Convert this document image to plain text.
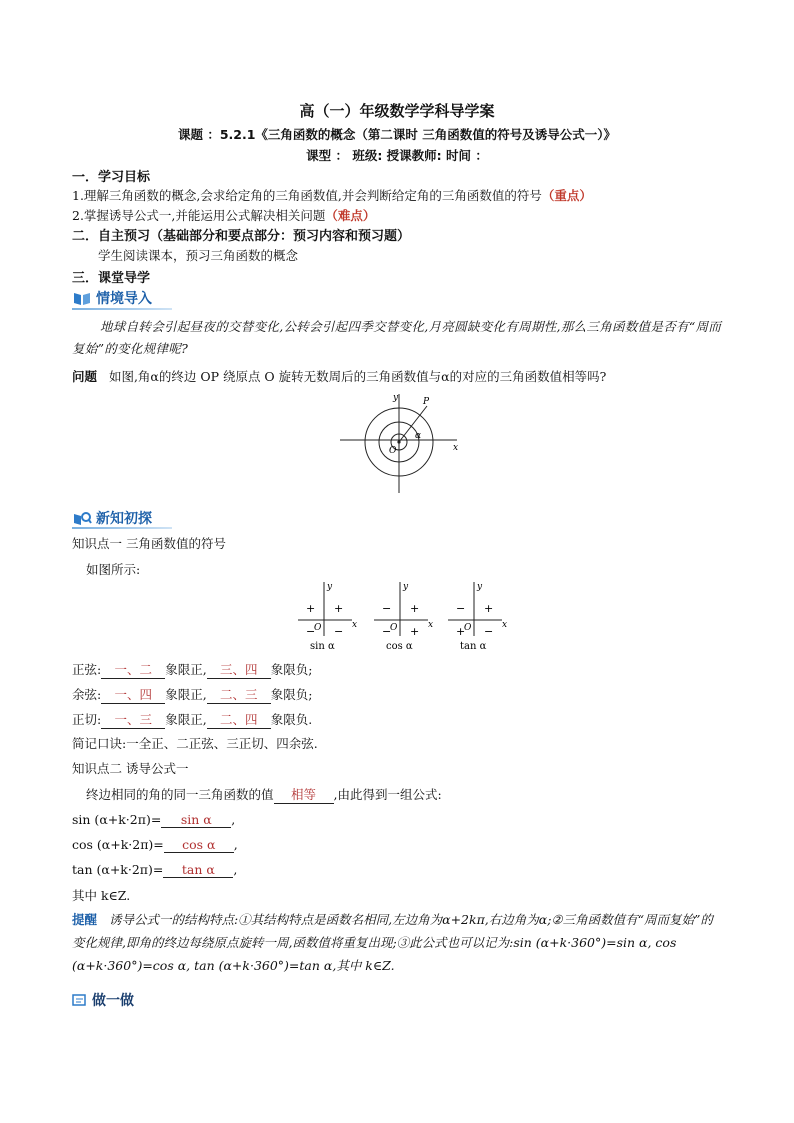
高（一）年级数学学科导学案
课题 ：5.2.1《三角函数的概念（第二课时 三角函数值的符号及诱导公式一）》
课型 ： 班级: 授课教师: 时间 ：
一．学习目标
1.理解三角函数的概念,会求给定角的三角函数值,并会判断给定角的三角函数值的符号（重点）
2.掌握诱导公式一,并能运用公式解决相关问题（难点）
二．自主预习（基础部分和要点部分：预习内容和预习题）
学生阅读课本，预习三角函数的概念
三．课堂导学
情境导入
地球自转会引起昼夜的交替变化,公转会引起四季交替变化,月亮圆缺变化有周期性,那么三角函数值是否有“周而复始”的变化规律呢?
问题 如图,角α的终边 OP 绕原点 O 旋转无数周后的三角函数值与α的对应的三角函数值相等吗?
y
x
P
O
α
新知初探
知识点一 三角函数值的符号
如图所示:
y
x
O
+
+
− −
sin α
y
x
O
+
−
− +
cos α
y
x
O
+
−
+ −
tan α
正弦: 一、二 象限正, 三、四 象限负;
余弦: 一、四 象限正, 二、三 象限负;
正切: 一、三 象限正, 二、四 象限负.
简记口诀:一全正、二正弦、三正切、四余弦.
知识点二 诱导公式一
终边相同的角的同一三角函数的值 相等 ,由此得到一组公式:
sin (α+k·2π)= sin α ,
cos (α+k·2π)= cos α ,
tan (α+k·2π)= tan α ,
其中 k∈Z.
提醒 诱导公式一的结构特点:①其结构特点是函数名相同,左边角为α+2kπ,右边角为α;②三角函数值有“周而复始”的变化规律,即角的终边每绕原点旋转一周,函数值将重复出现;③此公式也可以记为:sin (α+k·360°)=sin α, cos (α+k·360°)=cos α, tan (α+k·360°)=tan α,其中 k∈Z.
做一做
